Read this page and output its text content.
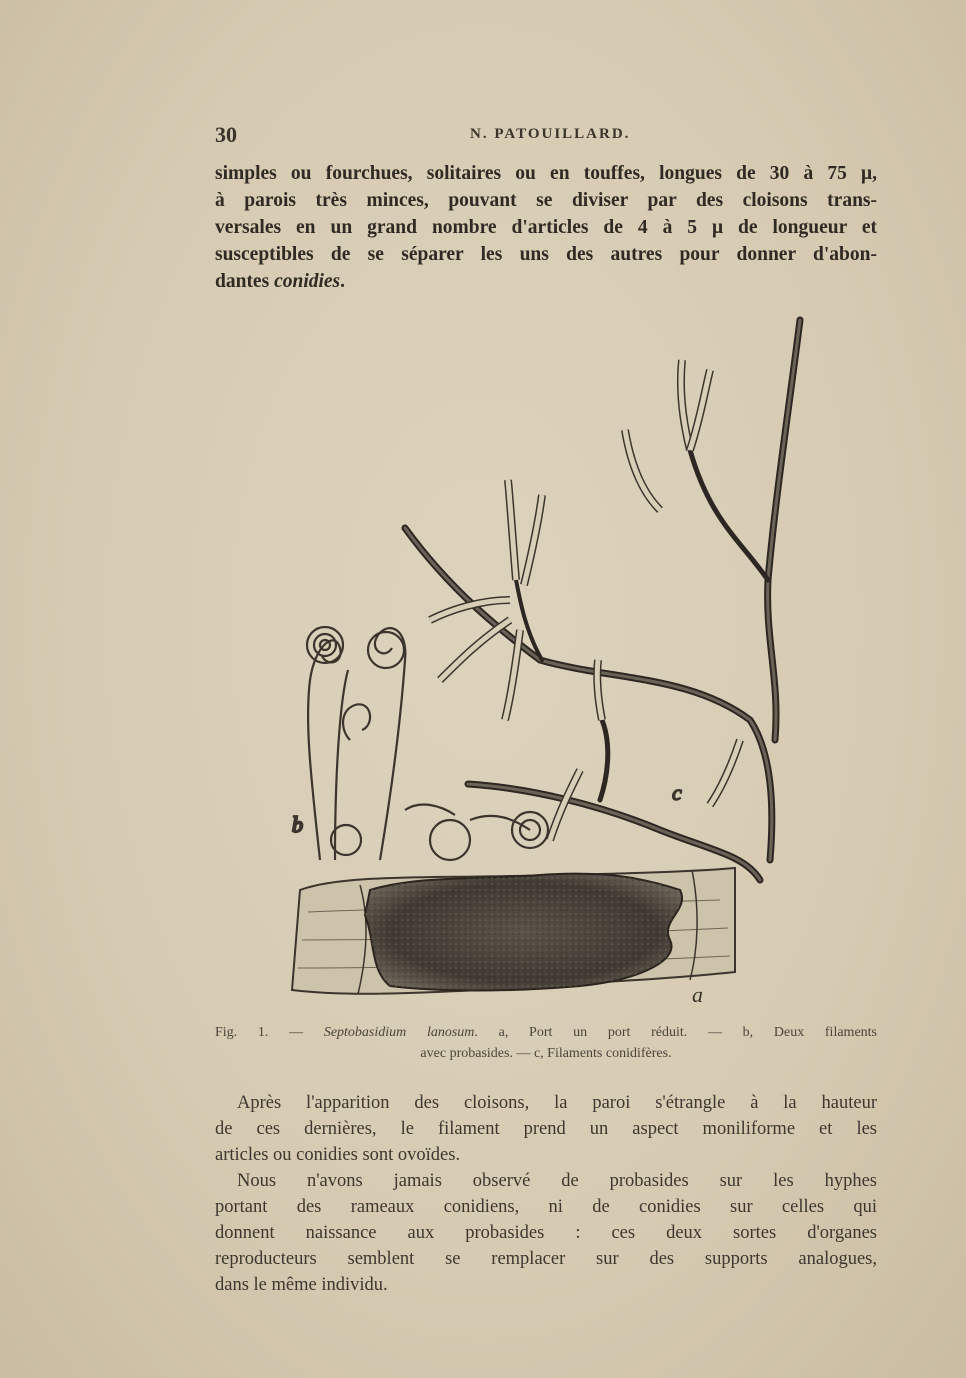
30	N. PATOUILLARD.
simples ou fourchues, solitaires ou en touffes, longues de 30 à 75 μ,
à parois très minces, pouvant se diviser par des cloisons trans-
versales en un grand nombre d'articles de 4 à 5 μ de longueur et
susceptibles de se séparer les uns des autres pour donner d'abon-
dantes conidies.
a
c
b
Fig. 1. — Septobasidium lanosum. a, Port un port réduit. — b, Deux filaments
avec probasides. — c, Filaments conidifères.
Après l'apparition des cloisons, la paroi s'étrangle à la hauteur
de ces dernières, le filament prend un aspect moniliforme et les
articles ou conidies sont ovoïdes.
Nous n'avons jamais observé de probasides sur les hyphes
portant des rameaux conidiens, ni de conidies sur celles qui
donnent naissance aux probasides : ces deux sortes d'organes
reproducteurs semblent se remplacer sur des supports analogues,
dans le même individu.
